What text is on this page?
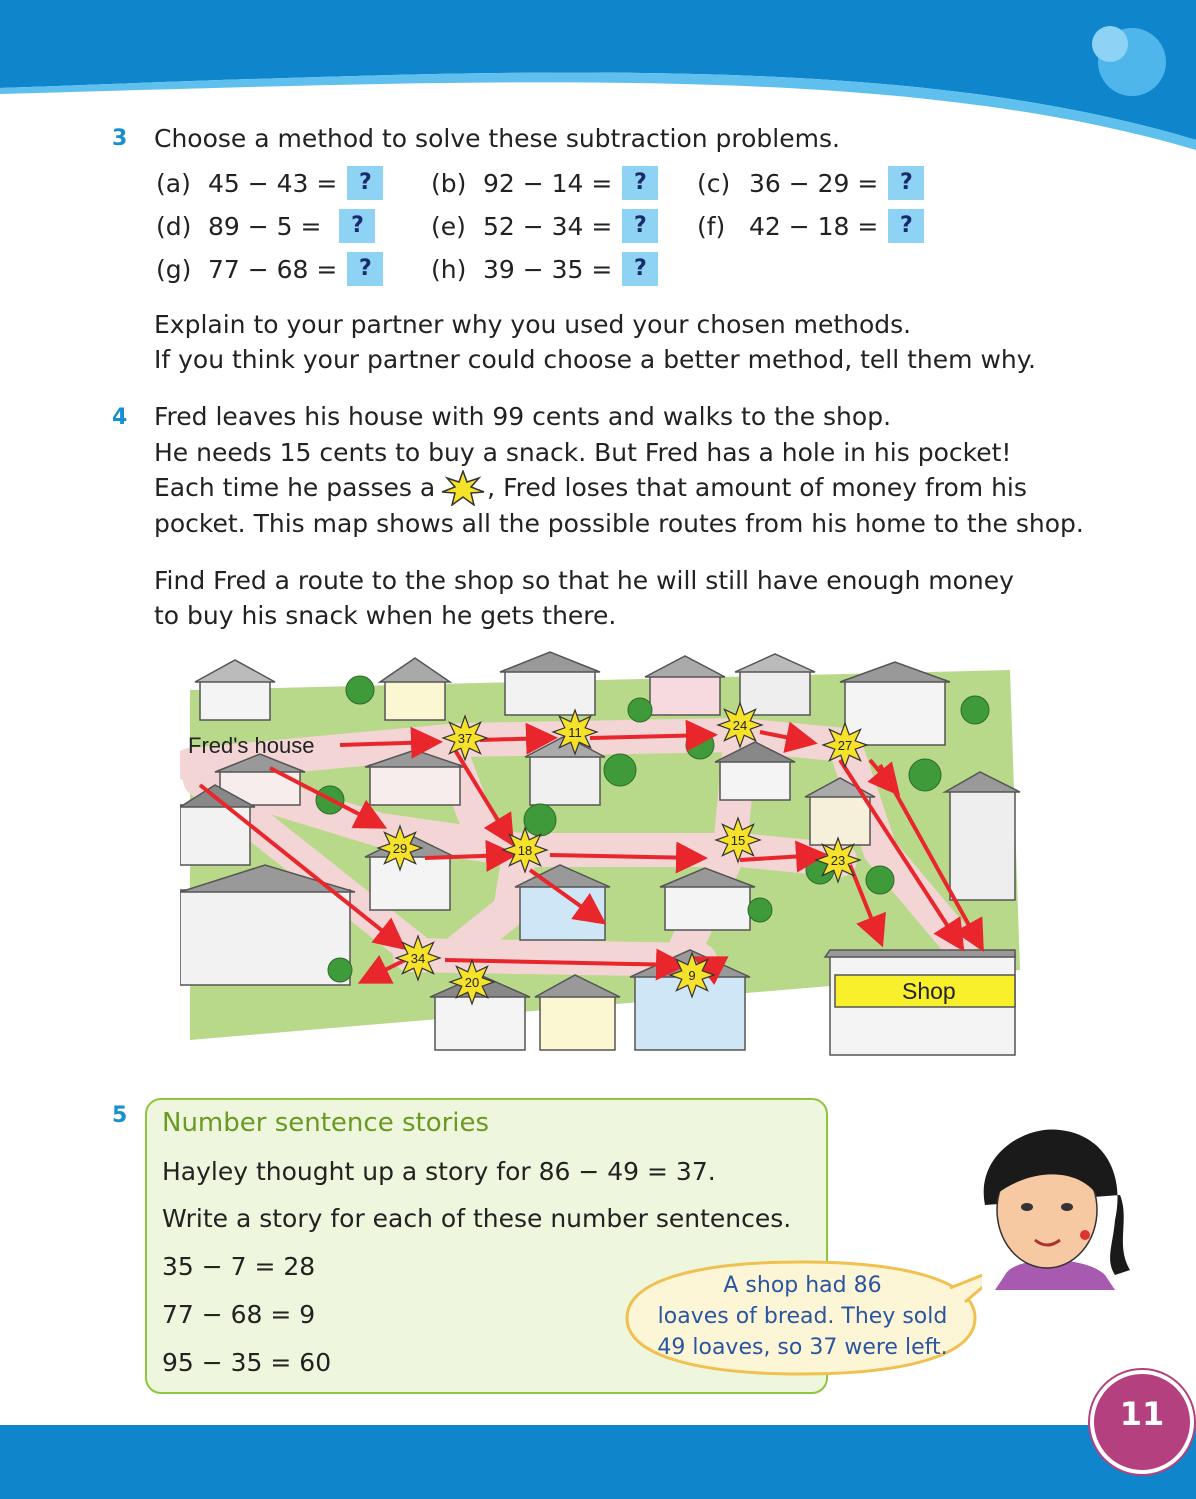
3 Choose a method to solve these subtraction problems.
(a) 45 − 43 = ?	(b) 92 − 14 = ?	(c) 36 − 29 = ?
(d) 89 − 5 =	?	(e) 52 − 34 = ?	(f) 42 − 18 = ?
(g) 77 − 68 = ?	(h) 39 − 35 = ?
Explain to your partner why you used your chosen methods.
If you think your partner could choose a better method, tell them why.
4 Fred leaves his house with 99 cents and walks to the shop.
He needs 15 cents to buy a snack. But Fred has a hole in his pocket!
Each time he passes a , Fred loses that amount of money from his
pocket. This map shows all the possible routes from his home to the shop.
Find Fred a route to the shop so that he will still have enough money
to buy his snack when he gets there.
Shop
Fred's house	37	11	24
27
29	18
15
23
34
20	9
5 Number sentence stories
Hayley thought up a story for 86 − 49 = 37.
Write a story for each of these number sentences.
35 − 7 = 28
77 − 68 = 9
95 − 35 = 60
A shop had 86
loaves of bread. They sold
49 loaves, so 37 were left.
11
